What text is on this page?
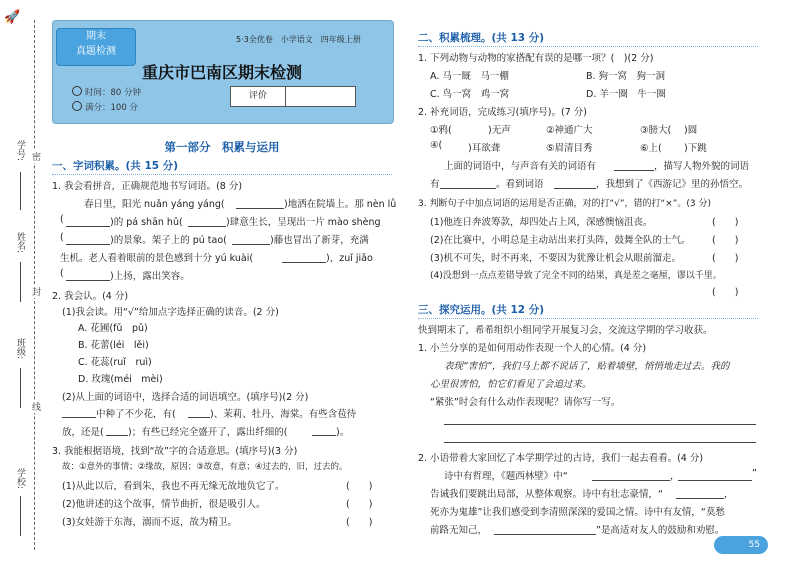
🚀
学号: 密
姓名:
封
班级:
线
学校:
期末
真题检测
5·3全优卷　小学语文　四年级上册
重庆市巴南区期末检测
时间：80 分钟
满分：100 分
评价
第一部分　积累与运用
一、字词积累。(共 15 分)
1. 我会看拼音，正确规范地书写词语。(8 分)
春日里，阳光 nuǎn yáng yáng(	)地洒在院墙上。那 nèn lǜ
(	)的 pá shān hǔ(	)肆意生长，呈现出一片 mào shèng
(	)的景象。架子上的 pú tao(	)藤也冒出了新芽，充满
生机。老人看着眼前的景色感到十分 yú kuài(	)，zuǐ jiǎo
(	)上扬，露出笑容。
2. 我会认。(4 分)
(1)我会读。用“√”给加点字选择正确的读音。(2 分)
A. 花圃(fǔ　pǔ)
B. 花蕾(léi　lěi)
C. 花蕊(ruǐ　ruì)
D. 玫瑰(méi　mèi)
(2)从上面的词语中，选择合适的词语填空。(填序号)(2 分)
中种了不少花，有(	)、茉莉、牡丹、海棠。有些含苞待
放，还是(	)；有些已经完全盛开了，露出纤细的(	)。
3. 我能根据语境，找到“故”字的合适意思。(填序号)(3 分)
故：①意外的事情；②缘故，原因；③故意，有意；④过去的，旧，过去的。
(1)从此以后，看到朱，我也不再无缘无故地负它了。	(　　)
(2)他讲述的这个故事，情节曲折，很是吸引人。	(　　)
(3)女娃游于东海，溺而不返，故为精卫。	(　　)
二、积累梳理。(共 13 分)
1. 下列动物与动物的家搭配有误的是哪一项？(　)(2 分)
A. 马一厩　马一棚	B. 狗一窝　狗一洞
C. 鸟一窝　鸡一窝	D. 羊一圈　牛一圈
2. 补充词语，完成练习(填序号)。(7 分)
①鸦(	)无声	②神通广大	③膀大( )圆
④(	)耳欲聋	⑤眉清目秀	⑥上( )下跳
上面的词语中，与声音有关的词语有	，描写人物外貌的词语
有	。看到词语	，我想到了《西游记》里的孙悟空。
3. 判断句子中加点词语的运用是否正确，对的打“√”，错的打“×”。(3 分)
(1)他连日奔波筹款，却四处占上风，深感懊恼沮丧。	(　　)
(2)在比赛中，小明总是主动站出来打头阵，鼓舞全队的士气。 (　　)
(3)机不可失，时不再来，不要因为犹豫让机会从眼前溜走。	(　　)
(4)没想到一点点差错导致了完全不同的结果，真是差之毫厘，谬以千里。
(　　)
三、探究运用。(共 12 分)
快到期末了，希希组织小组同学开展复习会，交流这学期的学习收获。
1. 小兰分享的是如何用动作表现一个人的心情。(4 分)
表现“害怕”，我们马上都不说话了，贴着墙壁，悄悄地走过去。我的
心里很害怕，怕它们看见了会追过来。
“紧张”时会有什么动作表现呢？请你写一写。
2. 小语带着大家回忆了本学期学过的古诗，我们一起去看看。(4 分)
诗中有哲理，《题西林壁》中“	，	”
告诫我们要跳出局部，从整体观察。诗中有壮志豪情，“	，
死亦为鬼雄”让我们感受到李清照深深的爱国之情。诗中有友情，“莫愁
前路无知己，	”是高适对友人的鼓励和劝慰。
55
